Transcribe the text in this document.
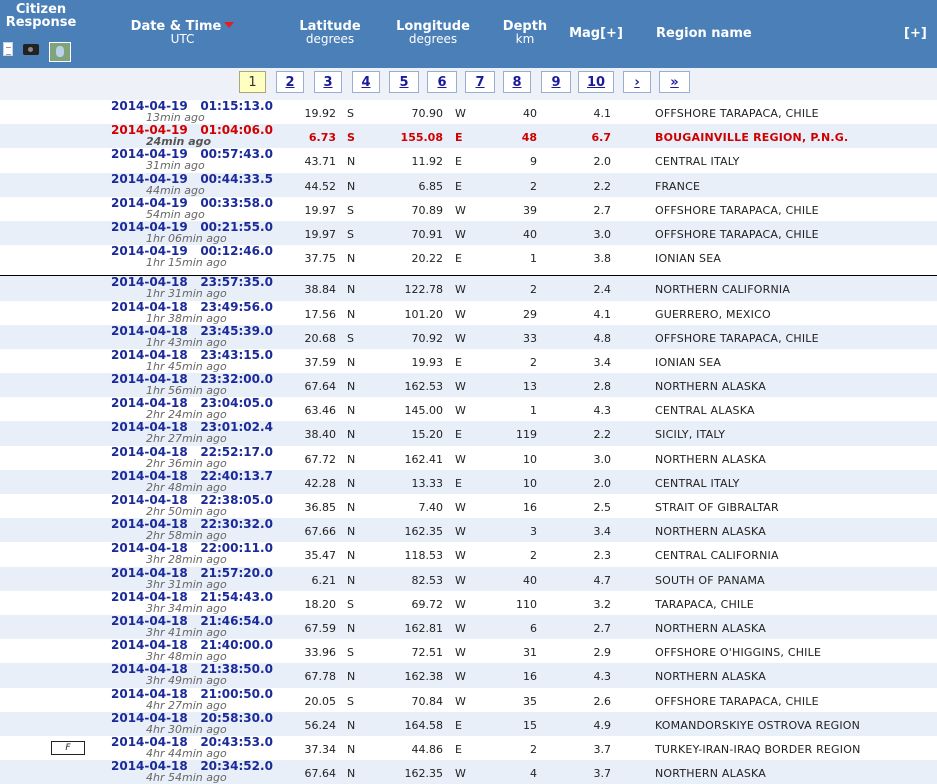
Citizen
Response	Date & Time
UTC
Latitude
degrees
Longitude
degrees
Depth
km	Mag[+]	Region name	[+]
1	2	3	4	5	6	7	8	9	10	›	»
2014-04-19 01:15:13.0
13min ago	19.92 S	70.90 W	40	4.1	OFFSHORE TARAPACA, CHILE
2014-04-19 01:04:06.0
24min ago	6.73 S	155.08 E	48	6.7	BOUGAINVILLE REGION, P.N.G.
2014-04-19 00:57:43.0
31min ago	43.71 N	11.92 E	9	2.0	CENTRAL ITALY
2014-04-19 00:44:33.5
44min ago	44.52 N	6.85 E	2	2.2	FRANCE
2014-04-19 00:33:58.0
54min ago	19.97 S	70.89 W	39	2.7	OFFSHORE TARAPACA, CHILE
2014-04-19 00:21:55.0
1hr 06min ago	19.97 S	70.91 W	40	3.0	OFFSHORE TARAPACA, CHILE
2014-04-19 00:12:46.0
1hr 15min ago	37.75 N	20.22 E	1	3.8	IONIAN SEA
2014-04-18 23:57:35.0
1hr 31min ago	38.84 N	122.78 W	2	2.4	NORTHERN CALIFORNIA
2014-04-18 23:49:56.0
1hr 38min ago	17.56 N	101.20 W	29	4.1	GUERRERO, MEXICO
2014-04-18 23:45:39.0
1hr 43min ago	20.68 S	70.92 W	33	4.8	OFFSHORE TARAPACA, CHILE
2014-04-18 23:43:15.0
1hr 45min ago	37.59 N	19.93 E	2	3.4	IONIAN SEA
2014-04-18 23:32:00.0
1hr 56min ago	67.64 N	162.53 W	13	2.8	NORTHERN ALASKA
2014-04-18 23:04:05.0
2hr 24min ago	63.46 N	145.00 W	1	4.3	CENTRAL ALASKA
2014-04-18 23:01:02.4
2hr 27min ago	38.40 N	15.20 E	119	2.2	SICILY, ITALY
2014-04-18 22:52:17.0
2hr 36min ago	67.72 N	162.41 W	10	3.0	NORTHERN ALASKA
2014-04-18 22:40:13.7
2hr 48min ago	42.28 N	13.33 E	10	2.0	CENTRAL ITALY
2014-04-18 22:38:05.0
2hr 50min ago	36.85 N	7.40 W	16	2.5	STRAIT OF GIBRALTAR
2014-04-18 22:30:32.0
2hr 58min ago	67.66 N	162.35 W	3	3.4	NORTHERN ALASKA
2014-04-18 22:00:11.0
3hr 28min ago	35.47 N	118.53 W	2	2.3	CENTRAL CALIFORNIA
2014-04-18 21:57:20.0
3hr 31min ago	6.21 N	82.53 W	40	4.7	SOUTH OF PANAMA
2014-04-18 21:54:43.0
3hr 34min ago	18.20 S	69.72 W	110	3.2	TARAPACA, CHILE
2014-04-18 21:46:54.0
3hr 41min ago	67.59 N	162.81 W	6	2.7	NORTHERN ALASKA
2014-04-18 21:40:00.0
3hr 48min ago	33.96 S	72.51 W	31	2.9	OFFSHORE O'HIGGINS, CHILE
2014-04-18 21:38:50.0
3hr 49min ago	67.78 N	162.38 W	16	4.3	NORTHERN ALASKA
2014-04-18 21:00:50.0
4hr 27min ago	20.05 S	70.84 W	35	2.6	OFFSHORE TARAPACA, CHILE
2014-04-18 20:58:30.0
4hr 30min ago	56.24 N	164.58 E	15	4.9	KOMANDORSKIYE OSTROVA REGION
F	2014-04-18 20:43:53.0
4hr 44min ago	37.34 N	44.86 E	2	3.7	TURKEY-IRAN-IRAQ BORDER REGION
2014-04-18 20:34:52.0
4hr 54min ago	67.64 N	162.35 W	4	3.7	NORTHERN ALASKA
